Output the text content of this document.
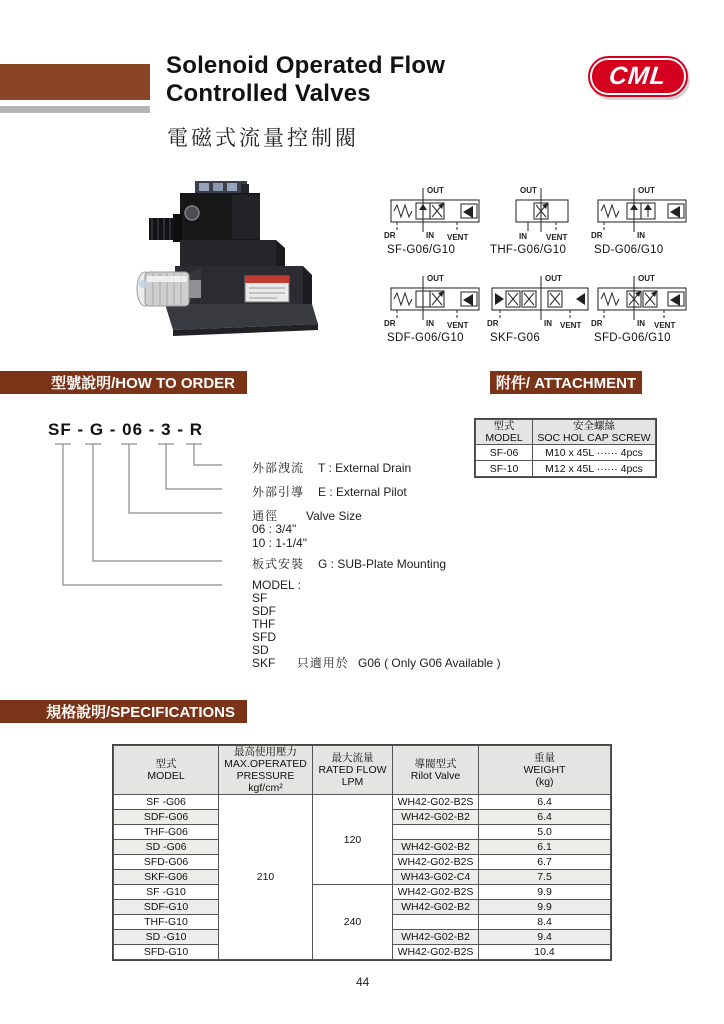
Solenoid Operated Flow
Controlled Valves
電磁式流量控制閥
CML
OUT
DR	IN VENT
SF-G06/G10
OUT
IN VENT
THF-G06/G10
OUT
DR	IN
SD-G06/G10
OUT
DR	IN VENT
SDF-G06/G10
OUT
DR	IN VENT
SKF-G06
OUT
DR	IN VENT
SFD-G06/G10
型號說明/HOW TO ORDER	附件/ ATTACHMENT
型式
MODEL	安全螺絲
SOC HOL CAP SCREW

SF-06	M10 x 45L ······ 4pcs
SF-10	M12 x 45L ······ 4pcs
SF - G - 06 - 3 - R
外部洩流 T : External Drain
外部引導 E : External Pilot
通徑 Valve Size
06 : 3/4"
10 : 1-1/4"
板式安裝 G : SUB-Plate Mounting
MODEL :
SF
SDF
THF
SFD
SD
SKF 只適用於 G06 ( Only G06 Available )
規格說明/SPECIFICATIONS
型式
MODEL	最高使用壓力
MAX.OPERATED
PRESSURE kgf/cm²	最大流量
RATED FLOW
LPM	導閥型式
Rilot Valve	重量
WEIGHT
(kg)

SF -G06	210	120	WH42-G02-B2S	6.4
SDF-G06			WH42-G02-B2	6.4
THF-G06				5.0
SD -G06			WH42-G02-B2	6.1
SFD-G06			WH42-G02-B2S	6.7
SKF-G06			WH43-G02-C4	7.5
SF -G10		240	WH42-G02-B2S	9.9
SDF-G10			WH42-G02-B2	9.9
THF-G10				8.4
SD -G10			WH42-G02-B2	9.4
SFD-G10			WH42-G02-B2S	10.4
44
